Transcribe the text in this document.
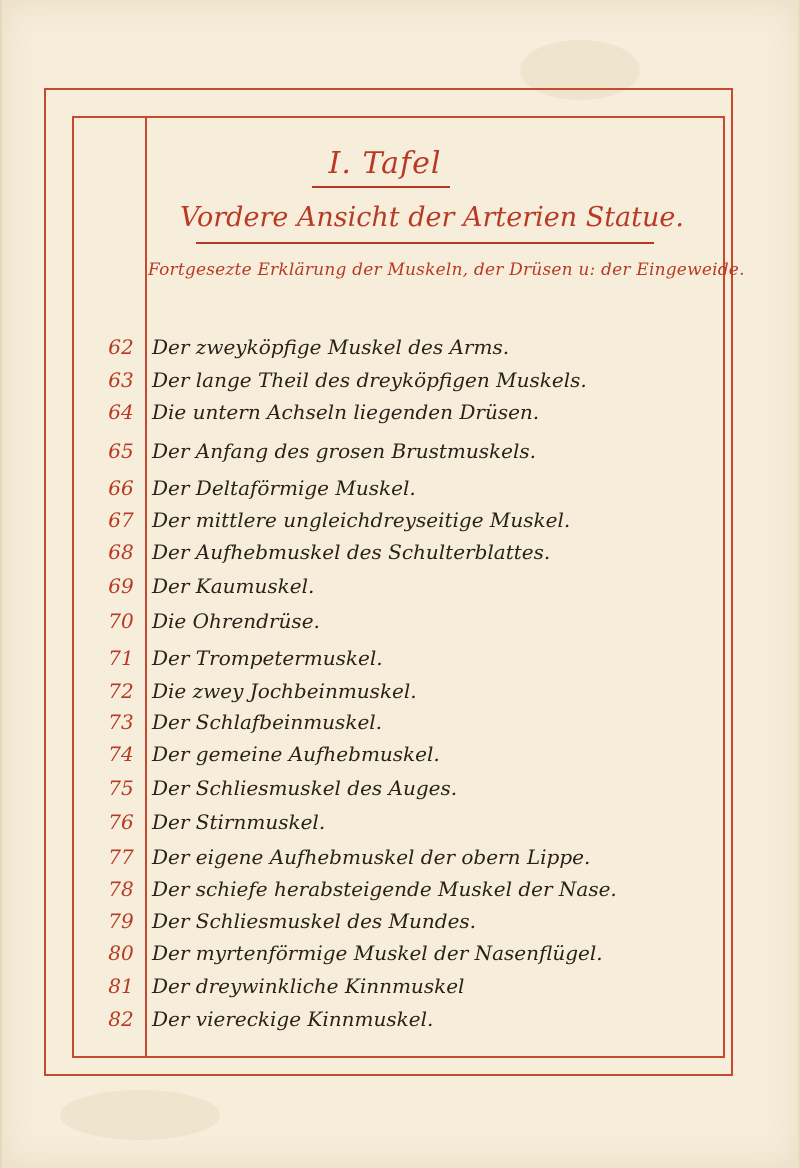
I. Tafel
Vordere Ansicht der Arterien Statue.
Fortgesezte Erklärung der Muskeln, der Drüsen u: der Eingeweide.
62 Der zweyköpfige Muskel des Arms.
63 Der lange Theil des dreyköpfigen Muskels.
64 Die untern Achseln liegenden Drüsen.
65 Der Anfang des grosen Brustmuskels.
66 Der Deltaförmige Muskel.
67 Der mittlere ungleichdreyseitige Muskel.
68 Der Aufhebmuskel des Schulterblattes.
69 Der Kaumuskel.
70 Die Ohrendrüse.
71 Der Trompetermuskel.
72 Die zwey Jochbeinmuskel.
73 Der Schlafbeinmuskel.
74 Der gemeine Aufhebmuskel.
75 Der Schliesmuskel des Auges.
76 Der Stirnmuskel.
77 Der eigene Aufhebmuskel der obern Lippe.
78 Der schiefe herabsteigende Muskel der Nase.
79 Der Schliesmuskel des Mundes.
80 Der myrtenförmige Muskel der Nasenflügel.
81 Der dreywinkliche Kinnmuskel
82 Der viereckige Kinnmuskel.
